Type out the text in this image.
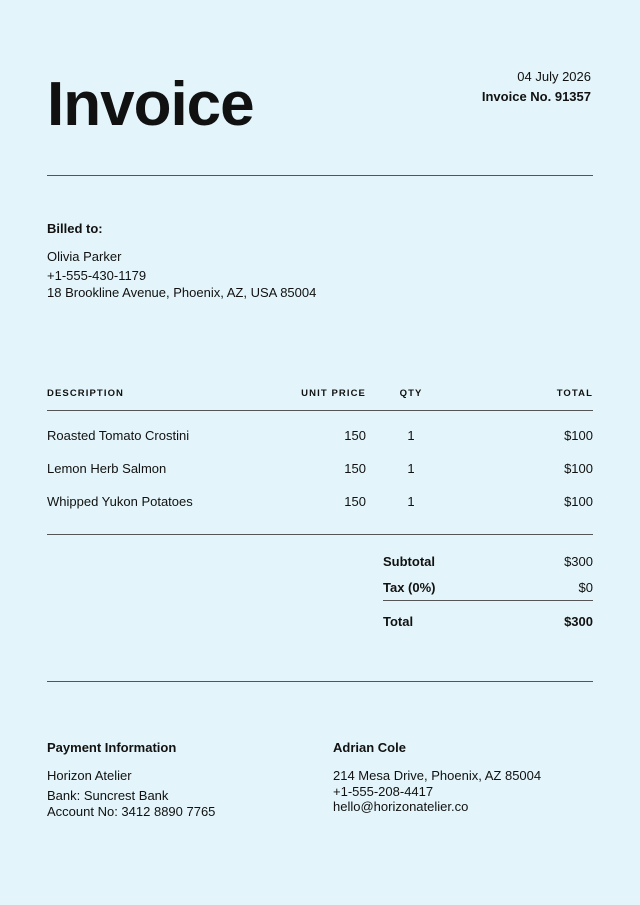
Invoice	04 July 2026
Invoice No. 91357
Billed to:
Olivia Parker
+1-555-430-1179
18 Brookline Avenue, Phoenix, AZ, USA 85004
DESCRIPTION	UNIT PRICE	QTY	TOTAL
Roasted Tomato Crostini	150	1	$100
Lemon Herb Salmon	150	1	$100
Whipped Yukon Potatoes	150	1	$100
Subtotal	$300
Tax (0%)	$0
Total	$300
Payment Information
Horizon Atelier
Bank: Suncrest Bank
Account No: 3412 8890 7765
Adrian Cole
214 Mesa Drive, Phoenix, AZ 85004
+1-555-208-4417
hello@horizonatelier.co
